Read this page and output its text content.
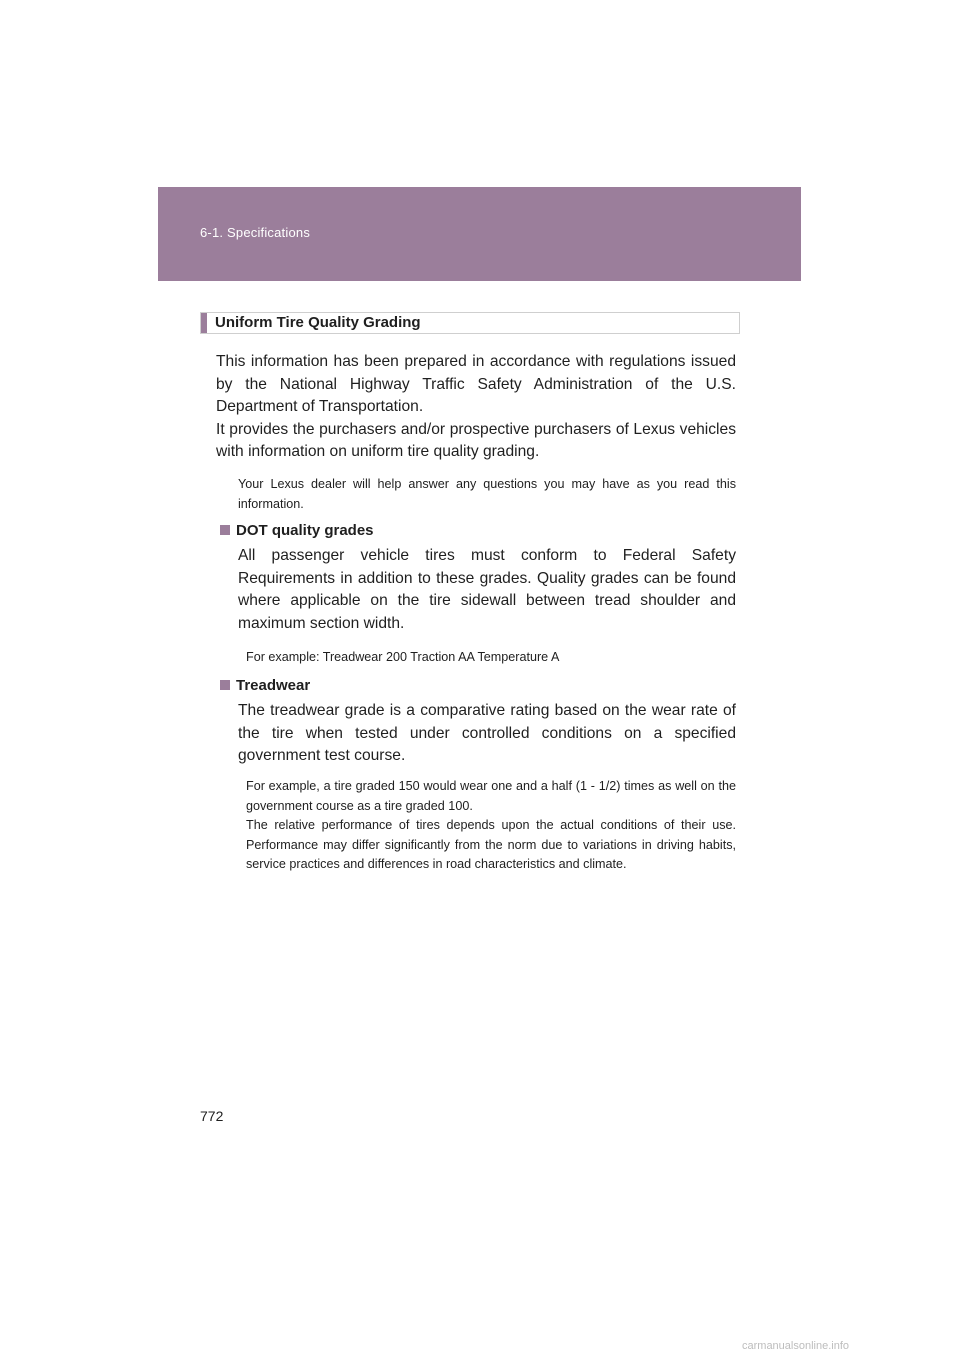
6-1. Specifications
Uniform Tire Quality Grading

This information has been prepared in accordance with regulations issued by the National Highway Traffic Safety Administration of the U.S. Department of Transportation.

It provides the purchasers and/or prospective purchasers of Lexus vehicles with information on uniform tire quality grading.

Your Lexus dealer will help answer any questions you may have as you read this information.

DOT quality grades

All passenger vehicle tires must conform to Federal Safety Requirements in addition to these grades. Quality grades can be found where applicable on the tire sidewall between tread shoulder and maximum section width.

For example: Treadwear 200 Traction AA Temperature A

Treadwear

The treadwear grade is a comparative rating based on the wear rate of the tire when tested under controlled conditions on a specified government test course.

For example, a tire graded 150 would wear one and a half (1 - 1/2) times as well on the government course as a tire graded 100.

The relative performance of tires depends upon the actual conditions of their use. Performance may differ significantly from the norm due to variations in driving habits, service practices and differences in road characteristics and climate.

772
carmanualsonline.info
